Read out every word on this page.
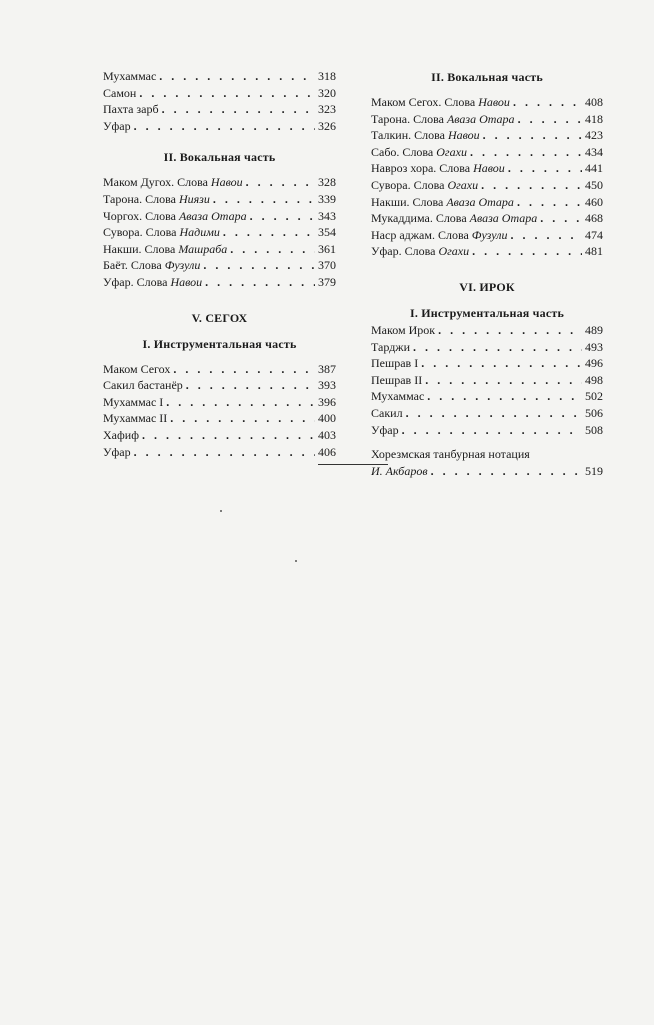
Мухаммас . . .	318
Самон . . .	320
Пахта зарб . . .	323
Уфар . . .	326
II. Вокальная часть
Маком Дугох. Слова Навои . . .	328
Тарона. Слова Ниязи . . .	339
Чоргох. Слова Аваза Отара . . .	343
Сувора. Слова Надими . . .	354
Накши. Слова Машраба . . .	361
Баёт. Слова Фузули . . .	370
Уфар. Слова Навои . . .	379
V. СЕГОХ
I. Инструментальная часть
Маком Сегох . . .	387
Сакил бастанёр . . .	393
Мухаммас I . . .	396
Мухаммас II . . .	400
Хафиф . . .	403
Уфар . . .	406
II. Вокальная часть
Маком Сегох. Слова Навои . . .	408
Тарона. Слова Аваза Отара . . .	418
Талкин. Слова Навои . . .	423
Сабо. Слова Огахи . . .	434
Навроз хора. Слова Навои . . .	441
Сувора. Слова Огахи . . .	450
Накши. Слова Аваза Отара . . .	460
Мукаддима. Слова Аваза Отара . . .	468
Наср аджам. Слова Фузули . . .	474
Уфар. Слова Огахи . . .	481
VI. ИРОК
I. Инструментальная часть
Маком Ирок . . .	489
Тарджи . . .	493
Пешрав I . . .	496
Пешрав II . . .	498
Мухаммас . . .	502
Сакил . . .	506
Уфар . . .	508
Хорезмская танбурная нотация
И. Акбаров . . .	519
